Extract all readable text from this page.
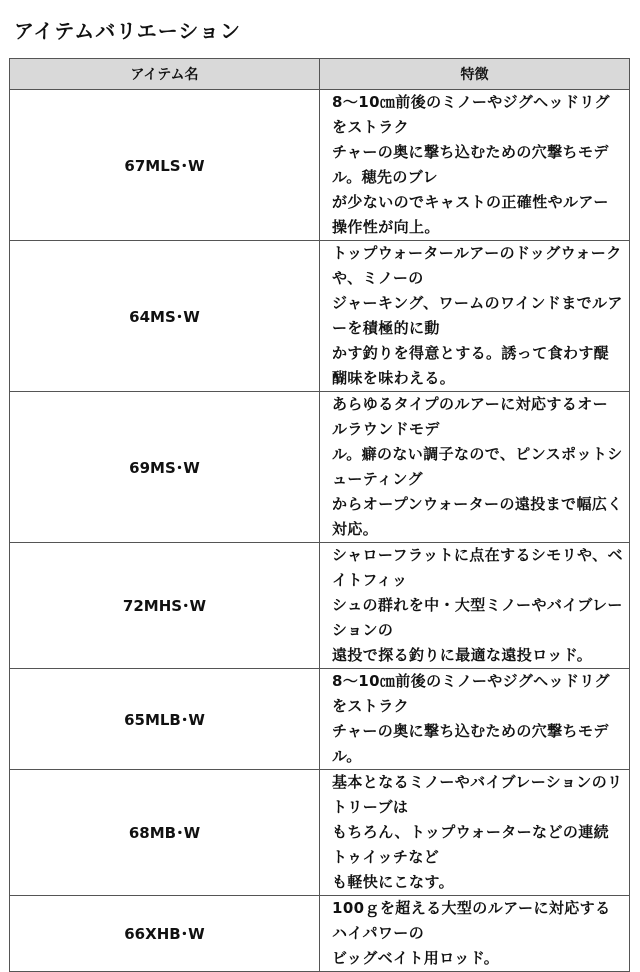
アイテムバリエーション
アイテム名	特徴
67MLS･W	8～10㎝前後のミノーやジグヘッドリグをストラク
チャーの奥に撃ち込むための穴撃ちモデル。穂先のブレ
が少ないのでキャストの正確性やルアー操作性が向上。

64MS･W	トップウォータールアーのドッグウォークや、ミノーの
ジャーキング、ワームのワインドまでルアーを積極的に動
かす釣りを得意とする。誘って食わす醍醐味を味わえる。

69MS･W	あらゆるタイプのルアーに対応するオールラウンドモデ
ル。癖のない調子なので、ピンスポットシューティング
からオープンウォーターの遠投まで幅広く対応。

72MHS･W	シャローフラットに点在するシモリや、ベイトフィッ
シュの群れを中・大型ミノーやバイブレーションの
遠投で探る釣りに最適な遠投ロッド。

65MLB･W	8～10㎝前後のミノーやジグヘッドリグをストラク
チャーの奥に撃ち込むための穴撃ちモデル。

68MB･W	基本となるミノーやバイブレーションのリトリーブは
もちろん、トップウォーターなどの連続トゥイッチなど
も軽快にこなす。

66XHB･W	100ｇを超える大型のルアーに対応するハイパワーの
ビッグベイト用ロッド。
